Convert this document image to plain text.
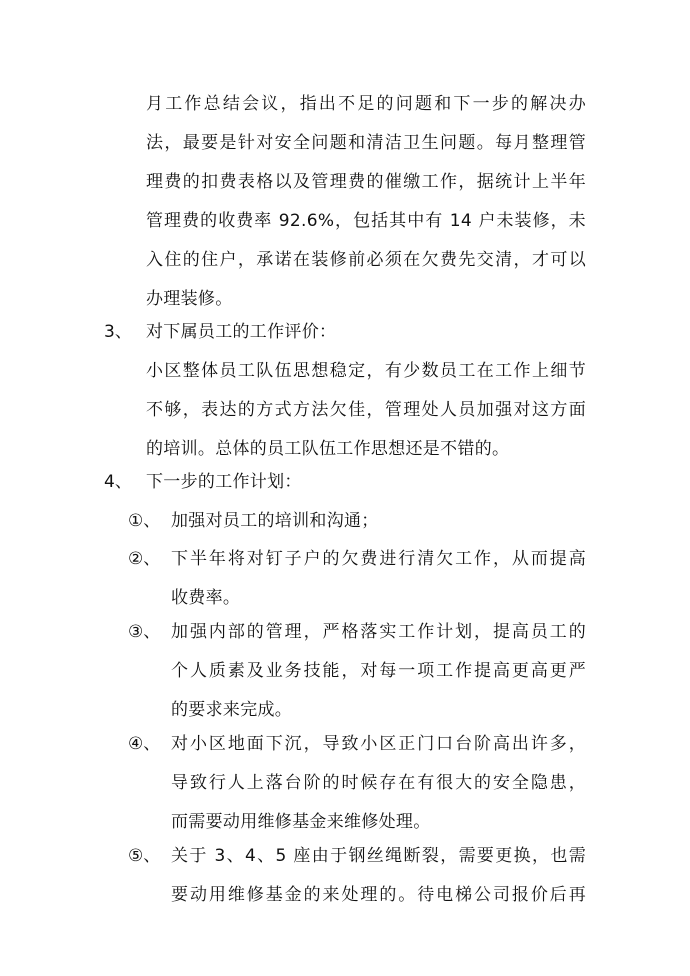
月工作总结会议，指出不足的问题和下一步的解决办
法，最要是针对安全问题和清洁卫生问题。每月整理管
理费的扣费表格以及管理费的催缴工作，据统计上半年
管理费的收费率 92.6%，包括其中有 14 户未装修，未
入住的住户，承诺在装修前必须在欠费先交清，才可以
办理装修。
3、 对下属员工的工作评价：
小区整体员工队伍思想稳定，有少数员工在工作上细节
不够，表达的方式方法欠佳，管理处人员加强对这方面
的培训。总体的员工队伍工作思想还是不错的。
4、 下一步的工作计划：
①、 加强对员工的培训和沟通；
②、 下半年将对钉子户的欠费进行清欠工作，从而提高
收费率。
③、 加强内部的管理，严格落实工作计划，提高员工的
个人质素及业务技能，对每一项工作提高更高更严
的要求来完成。
④、 对小区地面下沉，导致小区正门口台阶高出许多，
导致行人上落台阶的时候存在有很大的安全隐患，
而需要动用维修基金来维修处理。
⑤、 关于 3、4、5 座由于钢丝绳断裂，需要更换，也需
要动用维修基金的来处理的。待电梯公司报价后再
